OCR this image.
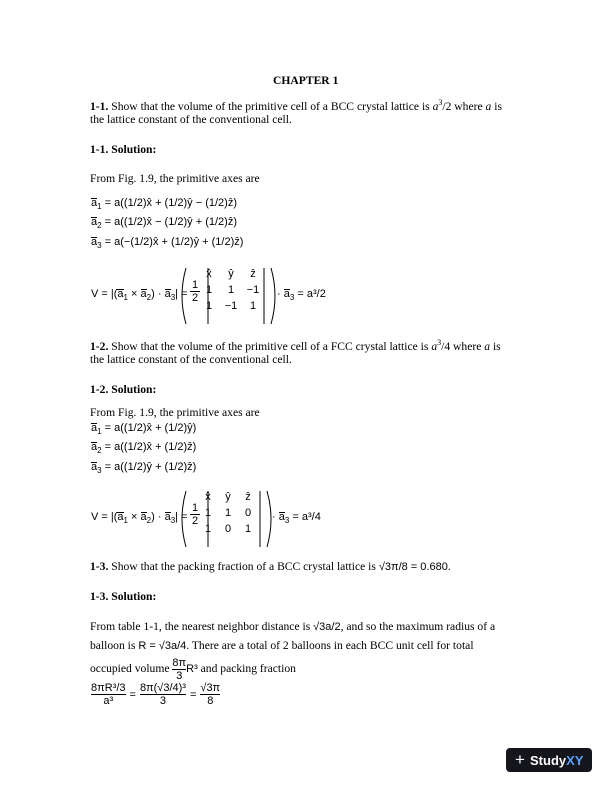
CHAPTER 1
1-1. Show that the volume of the primitive cell of a BCC crystal lattice is $a^3/2$ where a is
the lattice constant of the conventional cell.
1-1. Solution:
From Fig. 1.9, the primitive axes are
$a_1$ = a((1/2)x̂ + (1/2)ŷ − (1/2)ẑ)
$a_2$ = a((1/2)x̂ − (1/2)ŷ + (1/2)ẑ)
$a_3$ = a(−(1/2)x̂ + (1/2)ŷ + (1/2)ẑ)
$V = |(a_1 \times a_2) \cdot a_3| = \frac{1}{2}$
x̂	ŷ	ẑ
1	1	−1
1	−1	1
· $a_3 = a^3/2$
1-2. Show that the volume of the primitive cell of a FCC crystal lattice is $a^3/4$ where a is
the lattice constant of the conventional cell.
1-2. Solution:
From Fig. 1.9, the primitive axes are
$a_1$ = a((1/2)x̂ + (1/2)ŷ)
$a_2$ = a((1/2)x̂ + (1/2)ẑ)
$a_3$ = a((1/2)ŷ + (1/2)ẑ)
$V = |(a_1 \times a_2) \cdot a_3| = \frac{1}{2}$
x̂	ŷ	ẑ
1	1	0
1	0	1
· $a_3 = a^3/4$
1-3. Show that the packing fraction of a BCC crystal lattice is √3π/8 = 0.680.
1-3. Solution:
From table 1-1, the nearest neighbor distance is √3a/2, and so the maximum radius of a
balloon is R = √3a/4. There are a total of 2 balloons in each BCC unit cell for total
occupied volume $\frac{8\pi}{3} R^3$ and packing fraction
$\frac{\text{8πR³/3}}{\text{a³}} = \frac{\text{8π(√3/4)³}}{3} = \frac{√3\pi}{8}$
+ Study XY
